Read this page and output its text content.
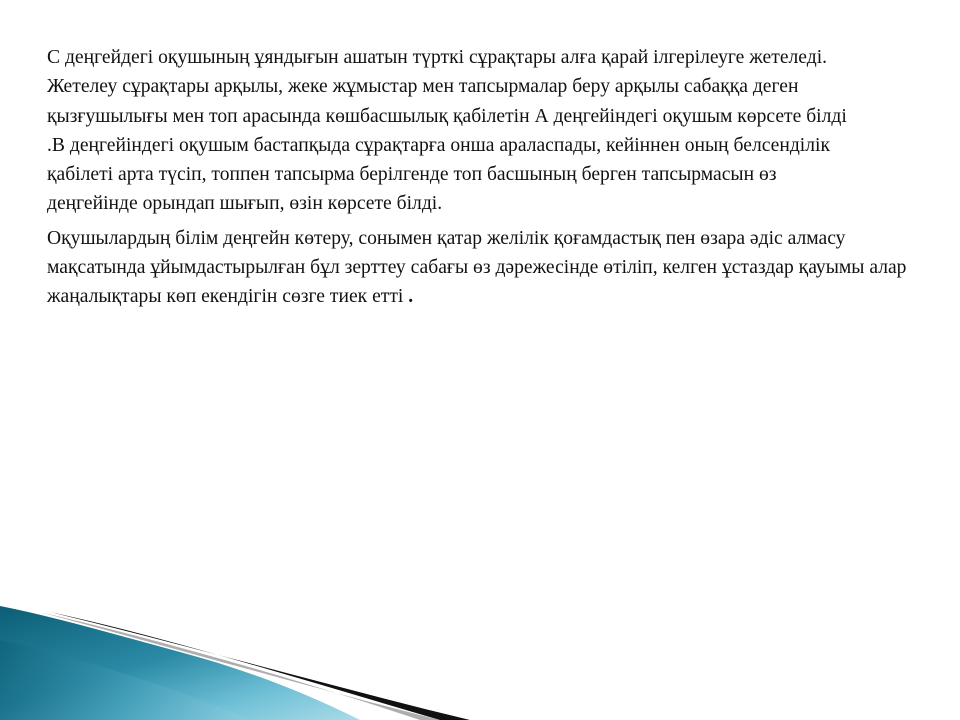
С деңгейдегі оқушының ұяндығын ашатын түрткі сұрақтары алға қарай ілгерілеуге жетеледі. Жетелеу сұрақтары арқылы, жеке жұмыстар мен тапсырмалар беру арқылы сабаққа деген қызғушылығы мен топ арасында көшбасшылық қабілетін А деңгейіндегі оқушым көрсете білді .В деңгейіндегі оқушым бастапқыда сұрақтарға онша араласпады, кейіннен оның белсенділік қабілеті арта түсіп, топпен тапсырма берілгенде топ басшының берген тапсырмасын өз деңгейінде орындап шығып, өзін көрсете білді.

Оқушылардың білім деңгейн көтеру, сонымен қатар желілік қоғамдастық пен өзара әдіс алмасу мақсатында ұйымдастырылған бұл зерттеу сабағы өз дәрежесінде өтіліп, келген ұстаздар қауымы алар жаңалықтары көп екендігін сөзге тиек етті .
